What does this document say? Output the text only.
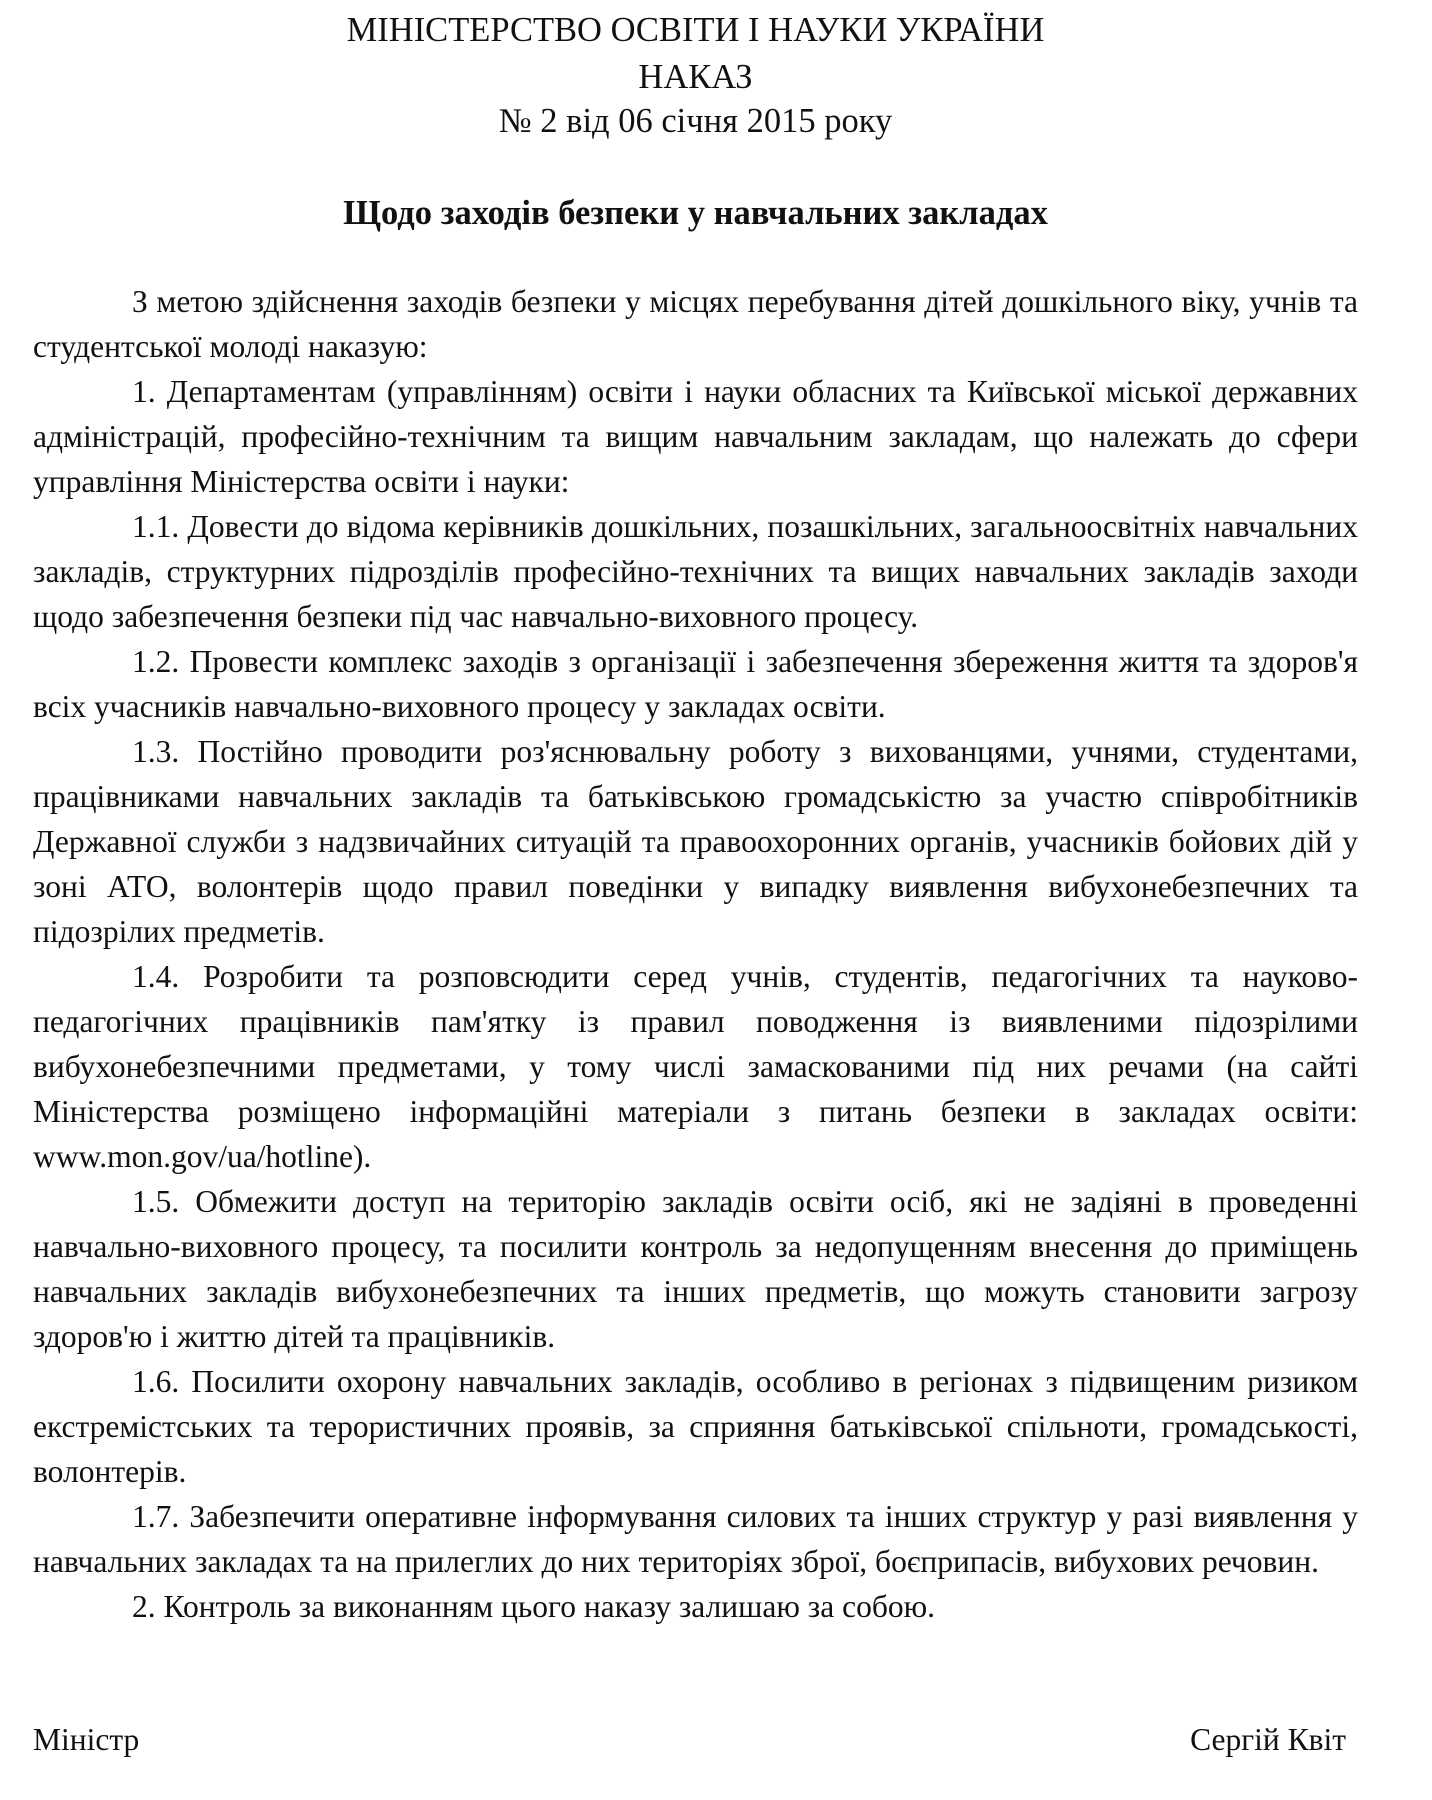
МІНІСТЕРСТВО ОСВІТИ І НАУКИ УКРАЇНИ
НАКАЗ
№ 2 від 06 січня 2015 року
Щодо заходів безпеки у навчальних закладах

З метою здійснення заходів безпеки у місцях перебування дітей дошкільного віку, учнів та студентської молоді наказую:

1. Департаментам (управлінням) освіти і науки обласних та Київської міської державних адміністрацій, професійно-технічним та вищим навчальним закладам, що належать до сфери управління Міністерства освіти і науки:

1.1. Довести до відома керівників дошкільних, позашкільних, загальноосвітніх навчальних закладів, структурних підрозділів професійно-технічних та вищих навчальних закладів заходи щодо забезпечення безпеки під час навчально-виховного процесу.

1.2. Провести комплекс заходів з організації і забезпечення збереження життя та здоров'я всіх учасників навчально-виховного процесу у закладах освіти.

1.3. Постійно проводити роз'яснювальну роботу з вихованцями, учнями, студентами, працівниками навчальних закладів та батьківською громадськістю за участю співробітників Державної служби з надзвичайних ситуацій та правоохоронних органів, учасників бойових дій у зоні АТО, волонтерів щодо правил поведінки у випадку виявлення вибухонебезпечних та підозрілих предметів.

1.4. Розробити та розповсюдити серед учнів, студентів, педагогічних та науково-педагогічних працівників пам'ятку із правил поводження із виявленими підозрілими вибухонебезпечними предметами, у тому числі замаскованими під них речами (на сайті Міністерства розміщено інформаційні матеріали з питань безпеки в закладах освіти: www.mon.gov/ua/hotline).

1.5. Обмежити доступ на територію закладів освіти осіб, які не задіяні в проведенні навчально-виховного процесу, та посилити контроль за недопущенням внесення до приміщень навчальних закладів вибухонебезпечних та інших предметів, що можуть становити загрозу здоров'ю і життю дітей та працівників.

1.6. Посилити охорону навчальних закладів, особливо в регіонах з підвищеним ризиком екстремістських та терористичних проявів, за сприяння батьківської спільноти, громадськості, волонтерів.

1.7. Забезпечити оперативне інформування силових та інших структур у разі виявлення у навчальних закладах та на прилеглих до них територіях зброї, боєприпасів, вибухових речовин.

2. Контроль за виконанням цього наказу залишаю за собою.

Міністр	Сергій Квіт
